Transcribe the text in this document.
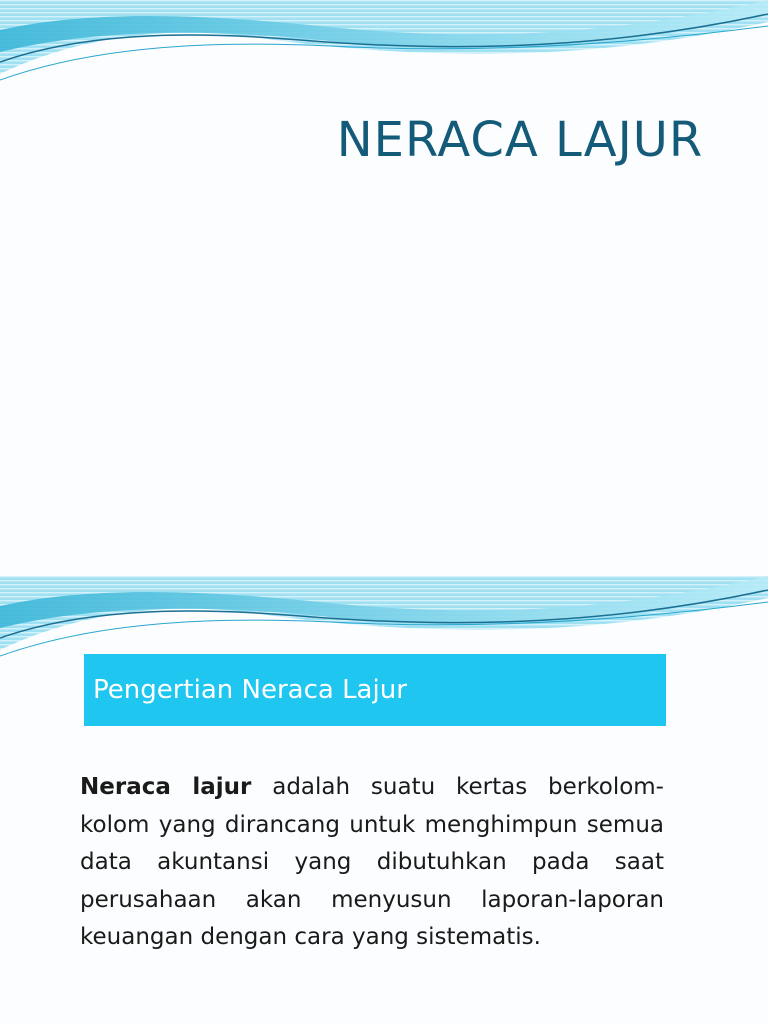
NERACA LAJUR
Pengertian Neraca Lajur

Neraca lajur adalah suatu kertas berkolom-kolom yang dirancang untuk menghimpun semua data akuntansi yang dibutuhkan pada saat perusahaan akan menyusun laporan-laporan keuangan dengan cara yang sistematis.
